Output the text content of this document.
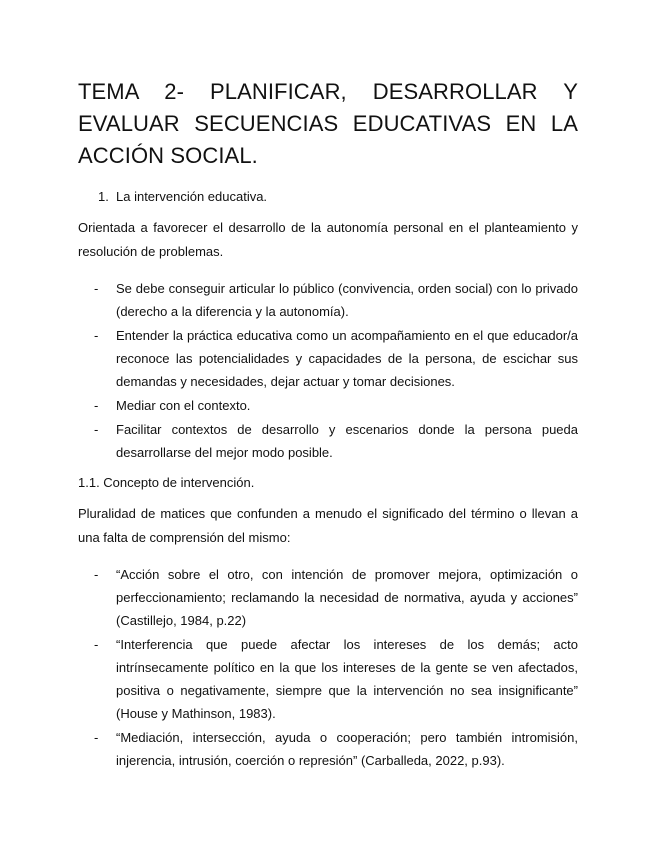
TEMA 2- PLANIFICAR, DESARROLLAR Y EVALUAR SECUENCIAS EDUCATIVAS EN LA ACCIÓN SOCIAL.
1. La intervención educativa.

Orientada a favorecer el desarrollo de la autonomía personal en el planteamiento y resolución de problemas.

- Se debe conseguir articular lo público (convivencia, orden social) con lo privado (derecho a la diferencia y la autonomía).
- Entender la práctica educativa como un acompañamiento en el que educador/a reconoce las potencialidades y capacidades de la persona, de escichar sus demandas y necesidades, dejar actuar y tomar decisiones.
- Mediar con el contexto.
- Facilitar contextos de desarrollo y escenarios donde la persona pueda desarrollarse del mejor modo posible.
1.1. Concepto de intervención.

Pluralidad de matices que confunden a menudo el significado del término o llevan a una falta de comprensión del mismo:

- “Acción sobre el otro, con intención de promover mejora, optimización o perfeccionamiento; reclamando la necesidad de normativa, ayuda y acciones” (Castillejo, 1984, p.22)
- “Interferencia que puede afectar los intereses de los demás; acto intrínsecamente político en la que los intereses de la gente se ven afectados, positiva o negativamente, siempre que la intervención no sea insignificante” (House y Mathinson, 1983).
- “Mediación, intersección, ayuda o cooperación; pero también intromisión, injerencia, intrusión, coerción o represión” (Carballeda, 2022, p.93).
